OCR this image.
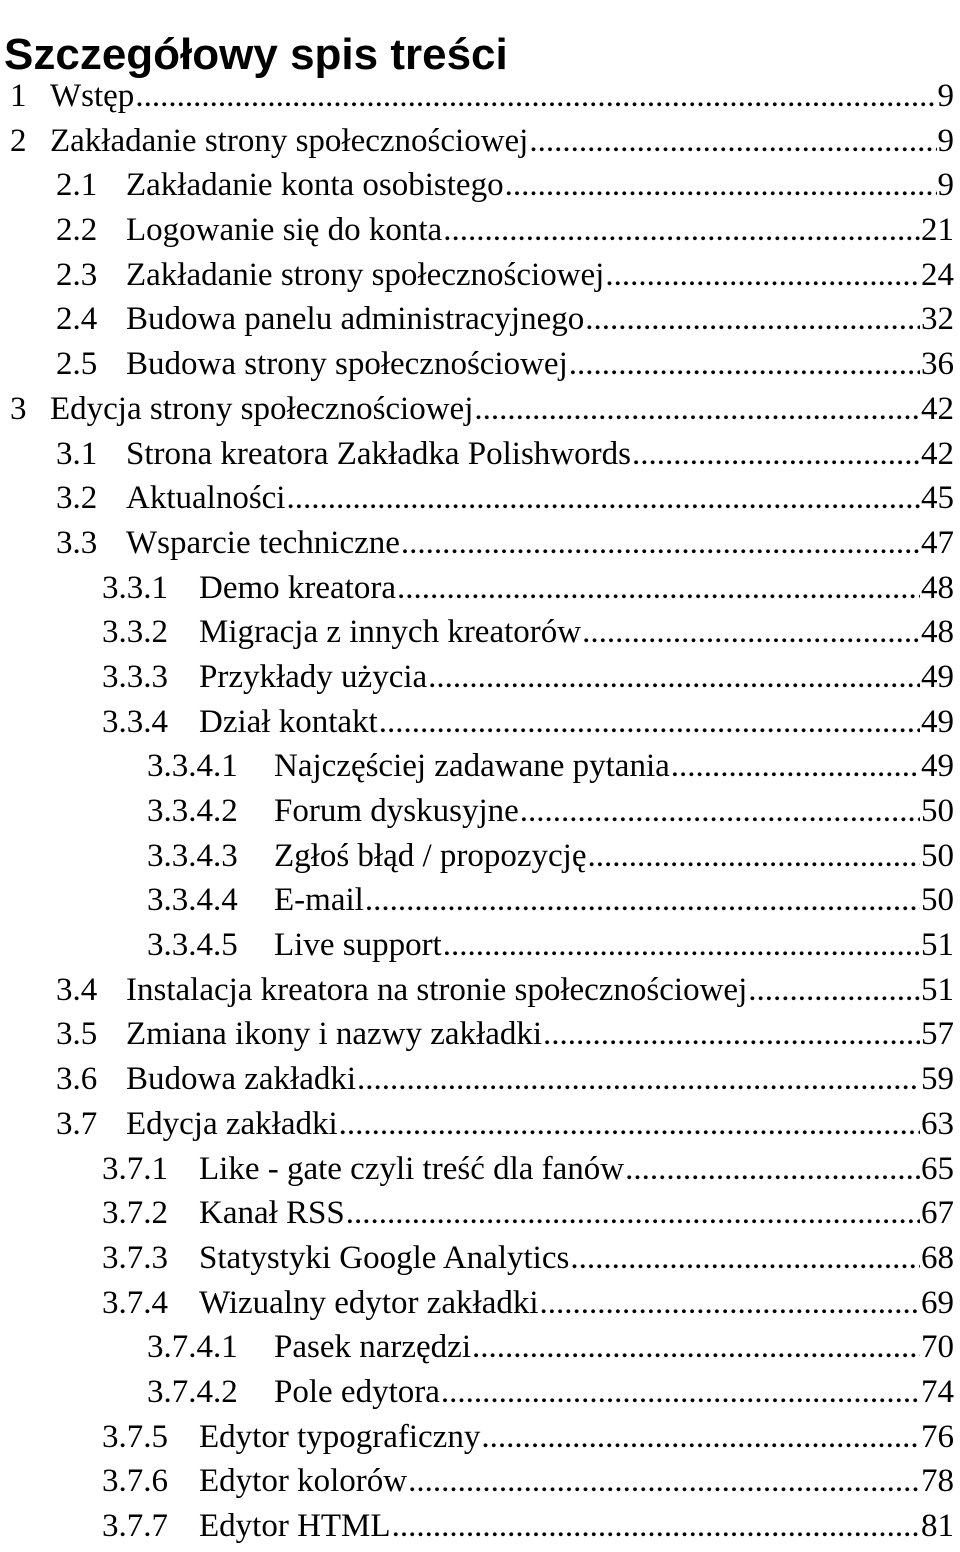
Szczegółowy spis treści
1 Wstęp .....	9
2 Zakładanie strony społecznościowej .....	9
2.1 Zakładanie konta osobistego .....	9
2.2 Logowanie się do konta .....	21
2.3 Zakładanie strony społecznościowej .....	24
2.4 Budowa panelu administracyjnego .....	32
2.5 Budowa strony społecznościowej .....	36
3 Edycja strony społecznościowej .....	42
3.1 Strona kreatora Zakładka Polishwords .....	42
3.2 Aktualności .....	45
3.3 Wsparcie techniczne .....	47
3.3.1 Demo kreatora .....	48
3.3.2 Migracja z innych kreatorów .....	48
3.3.3 Przykłady użycia .....	49
3.3.4 Dział kontakt .....	49
3.3.4.1	Najczęściej zadawane pytania .....	49
3.3.4.2	Forum dyskusyjne .....	50
3.3.4.3	Zgłoś błąd / propozycję .....	50
3.3.4.4	E-mail .....	50
3.3.4.5	Live support .....	51
3.4 Instalacja kreatora na stronie społecznościowej .....	51
3.5 Zmiana ikony i nazwy zakładki .....	57
3.6 Budowa zakładki .....	59
3.7 Edycja zakładki .....	63
3.7.1 Like - gate czyli treść dla fanów .....	65
3.7.2 Kanał RSS .....	67
3.7.3 Statystyki Google Analytics .....	68
3.7.4 Wizualny edytor zakładki .....	69
3.7.4.1	Pasek narzędzi .....	70
3.7.4.2	Pole edytora .....	74
3.7.5 Edytor typograficzny .....	76
3.7.6 Edytor kolorów .....	78
3.7.7 Edytor HTML .....	81
